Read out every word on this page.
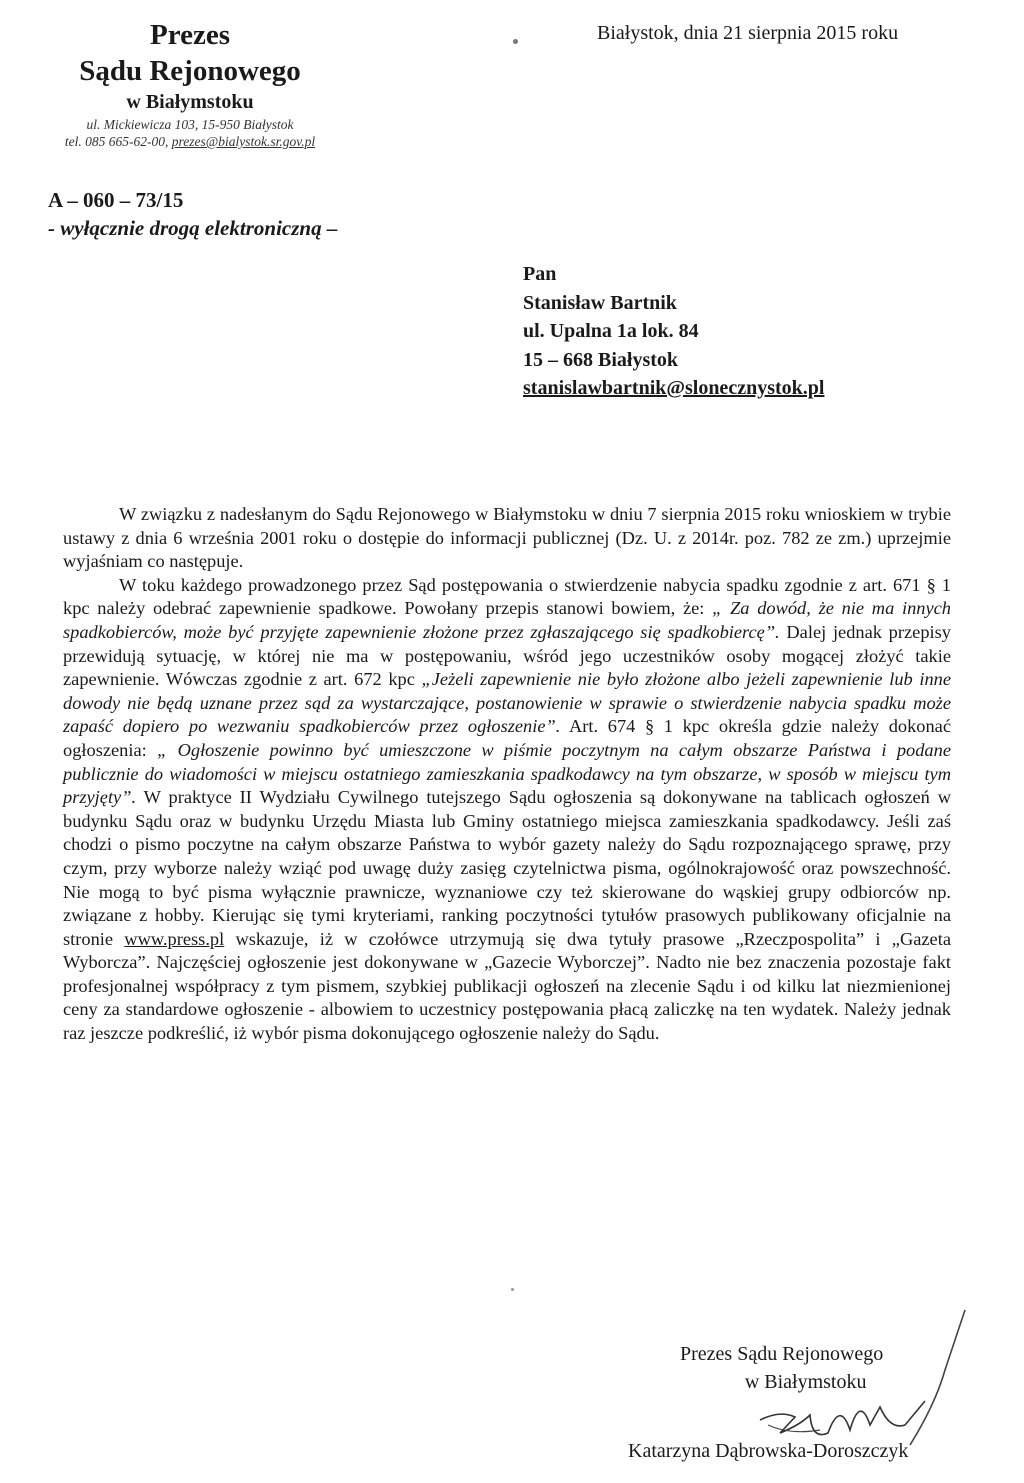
Prezes
Sądu Rejonowego
w Białymstoku
ul. Mickiewicza 103, 15-950 Białystok
tel. 085 665-62-00, prezes@bialystok.sr.gov.pl
Białystok, dnia 21 sierpnia 2015 roku
A – 060 – 73/15
- wyłącznie drogą elektroniczną –
Pan
Stanisław Bartnik
ul. Upalna 1a lok. 84
15 – 668 Białystok
stanislawbartnik@slonecznystok.pl

W związku z nadesłanym do Sądu Rejonowego w Białymstoku w dniu 7 sierpnia 2015 roku wnioskiem w trybie ustawy z dnia 6 września 2001 roku o dostępie do informacji publicznej (Dz. U. z 2014r. poz. 782 ze zm.) uprzejmie wyjaśniam co następuje.

W toku każdego prowadzonego przez Sąd postępowania o stwierdzenie nabycia spadku zgodnie z art. 671 § 1 kpc należy odebrać zapewnienie spadkowe. Powołany przepis stanowi bowiem, że: „ Za dowód, że nie ma innych spadkobierców, może być przyjęte zapewnienie złożone przez zgłaszającego się spadkobiercę”. Dalej jednak przepisy przewidują sytuację, w której nie ma w postępowaniu, wśród jego uczestników osoby mogącej złożyć takie zapewnienie. Wówczas zgodnie z art. 672 kpc „Jeżeli zapewnienie nie było złożone albo jeżeli zapewnienie lub inne dowody nie będą uznane przez sąd za wystarczające, postanowienie w sprawie o stwierdzenie nabycia spadku może zapaść dopiero po wezwaniu spadkobierców przez ogłoszenie”. Art. 674 § 1 kpc określa gdzie należy dokonać ogłoszenia: „ Ogłoszenie powinno być umieszczone w piśmie poczytnym na całym obszarze Państwa i podane publicznie do wiadomości w miejscu ostatniego zamieszkania spadkodawcy na tym obszarze, w sposób w miejscu tym przyjęty”. W praktyce II Wydziału Cywilnego tutejszego Sądu ogłoszenia są dokonywane na tablicach ogłoszeń w budynku Sądu oraz w budynku Urzędu Miasta lub Gminy ostatniego miejsca zamieszkania spadkodawcy. Jeśli zaś chodzi o pismo poczytne na całym obszarze Państwa to wybór gazety należy do Sądu rozpoznającego sprawę, przy czym, przy wyborze należy wziąć pod uwagę duży zasięg czytelnictwa pisma, ogólnokrajowość oraz powszechność. Nie mogą to być pisma wyłącznie prawnicze, wyznaniowe czy też skierowane do wąskiej grupy odbiorców np. związane z hobby. Kierując się tymi kryteriami, ranking poczytności tytułów prasowych publikowany oficjalnie na stronie www.press.pl wskazuje, iż w czołówce utrzymują się dwa tytuły prasowe „Rzeczpospolita” i „Gazeta Wyborcza”. Najczęściej ogłoszenie jest dokonywane w „Gazecie Wyborczej”. Nadto nie bez znaczenia pozostaje fakt profesjonalnej współpracy z tym pismem, szybkiej publikacji ogłoszeń na zlecenie Sądu i od kilku lat niezmienionej ceny za standardowe ogłoszenie - albowiem to uczestnicy postępowania płacą zaliczkę na ten wydatek. Należy jednak raz jeszcze podkreślić, iż wybór pisma dokonującego ogłoszenie należy do Sądu.

Prezes Sądu Rejonowego
w Białymstoku
Katarzyna Dąbrowska-Doroszczyk
